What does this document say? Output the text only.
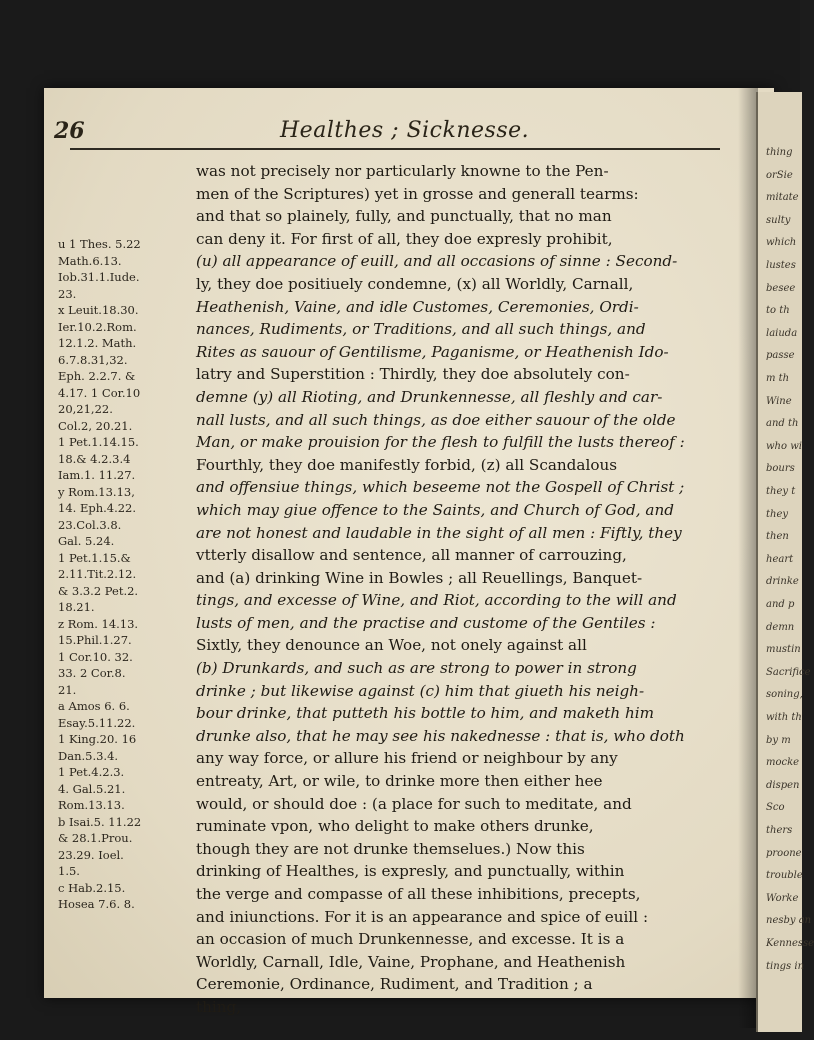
thing
orSie
mitate
sulty
which
lustes
besee
to th
laiuda
passe
m th
Wine
and th
who wi
bours
they t
they
then
heart
drinke
and p
demn
mustin
Sacrifice
soning,
with th
by m
mocke
dispen
Sco
thers
proone
trouble
Worke
nesby an
Kennesse
tings in
26	Healthes ; Sicknesse.
u 1 Thes. 5.22
Math.6.13.
Iob.31.1.Iude.
23.
x Leuit.18.30.
Ier.10.2.Rom.
12.1.2. Math.
6.7.8.31,32.
Eph. 2.2.7. &
4.17. 1 Cor.10
20,21,22.
Col.2, 20.21.
1 Pet.1.14.15.
18.& 4.2.3.4
Iam.1. 11.27.
y Rom.13.13,
14. Eph.4.22.
23.Col.3.8.
Gal. 5.24.
1 Pet.1.15.&
2.11.Tit.2.12.
& 3.3.2 Pet.2.
18.21.
z Rom. 14.13.
15.Phil.1.27.
1 Cor.10. 32.
33. 2 Cor.8.
21.
a Amos 6. 6.
Esay.5.11.22.
1 King.20. 16
Dan.5.3.4.
1 Pet.4.2.3.
4. Gal.5.21.
Rom.13.13.
b Isai.5. 11.22
& 28.1.Prou.
23.29. Ioel.
1.5.
c Hab.2.15.
Hosea 7.6. 8.
was not precisely nor particularly knowne to the Pen-
men of the Scriptures) yet in grosse and generall tearms:
and that so plainely, fully, and punctually, that no man
can deny it. For first of all, they doe expresly prohibit,
(u) all appearance of euill, and all occasions of sinne : Second-
ly, they doe positiuely condemne, (x) all Worldly, Carnall,
Heathenish, Vaine, and idle Customes, Ceremonies, Ordi-
nances, Rudiments, or Traditions, and all such things, and
Rites as sauour of Gentilisme, Paganisme, or Heathenish Ido-
latry and Superstition : Thirdly, they doe absolutely con-
demne (y) all Rioting, and Drunkennesse, all fleshly and car-
nall lusts, and all such things, as doe either sauour of the olde
Man, or make prouision for the flesh to fulfill the lusts thereof :
Fourthly, they doe manifestly forbid, (z) all Scandalous
and offensiue things, which beseeme not the Gospell of Christ ;
which may giue offence to the Saints, and Church of God, and
are not honest and laudable in the sight of all men : Fiftly, they
vtterly disallow and sentence, all manner of carrouzing,
and (a) drinking Wine in Bowles ; all Reuellings, Banquet-
tings, and excesse of Wine, and Riot, according to the will and
lusts of men, and the practise and custome of the Gentiles :
Sixtly, they denounce an Woe, not onely against all
(b) Drunkards, and such as are strong to power in strong
drinke ; but likewise against (c) him that giueth his neigh-
bour drinke, that putteth his bottle to him, and maketh him
drunke also, that he may see his nakednesse : that is, who doth
any way force, or allure his friend or neighbour by any
entreaty, Art, or wile, to drinke more then either hee
would, or should doe : (a place for such to meditate, and
ruminate vpon, who delight to make others drunke,
though they are not drunke themselues.) Now this
drinking of Healthes, is expresly, and punctually, within
the verge and compasse of all these inhibitions, precepts,
and iniunctions. For it is an appearance and spice of euill :
an occasion of much Drunkennesse, and excesse. It is a
Worldly, Carnall, Idle, Vaine, Prophane, and Heathenish
Ceremonie, Ordinance, Rudiment, and Tradition ; a
thing,
